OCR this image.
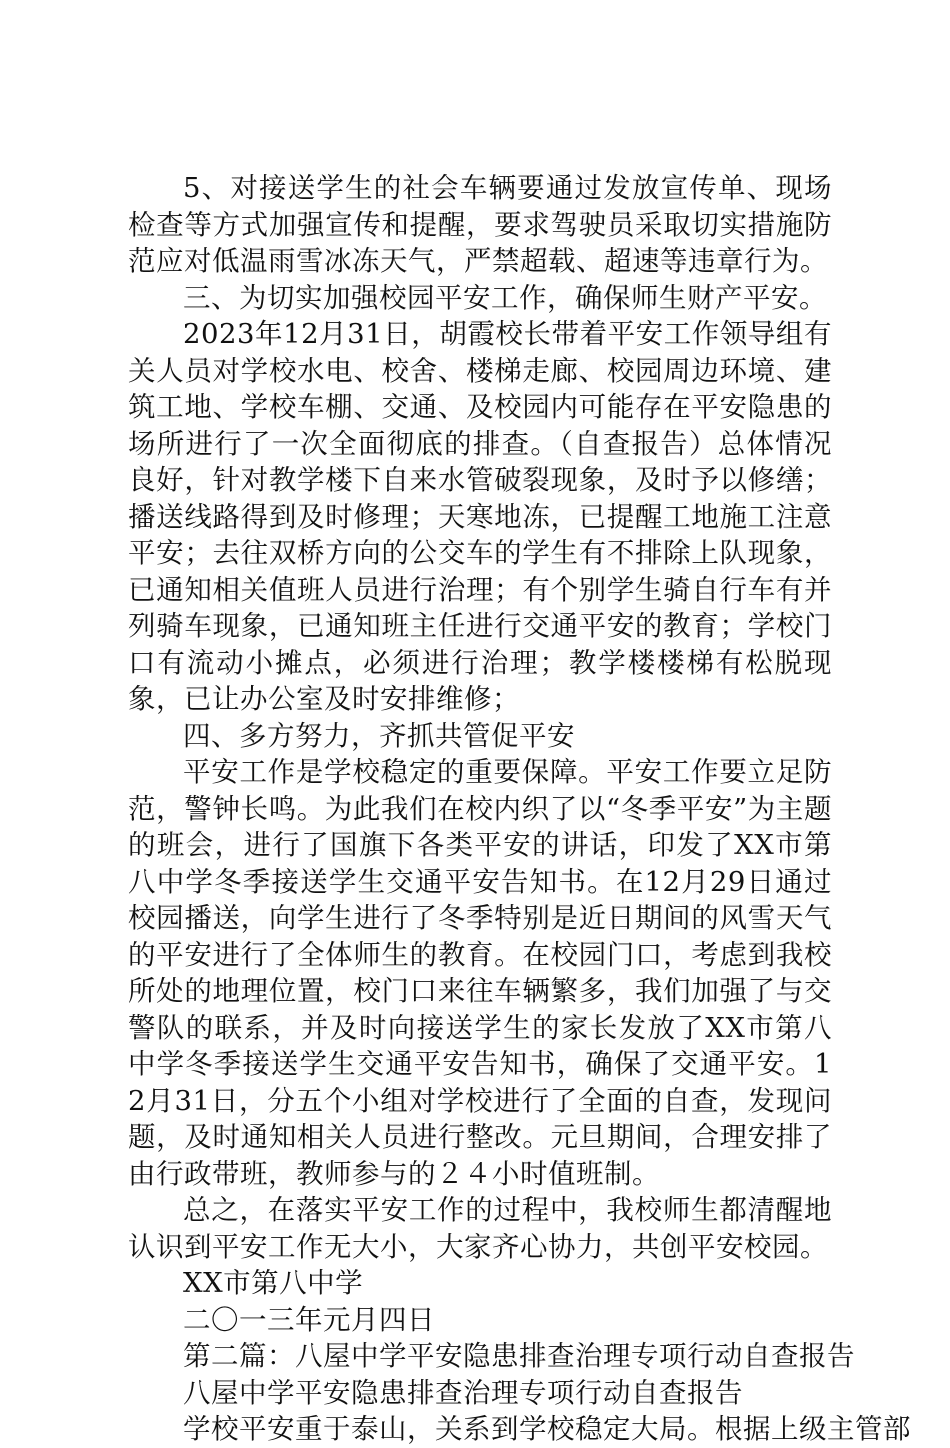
5、对接送学生的社会车辆要通过发放宣传单、现场检查等方式加强宣传和提醒，要求驾驶员采取切实措施防范应对低温雨雪冰冻天气，严禁超载、超速等违章行为。

三、为切实加强校园平安工作，确保师生财产平安。

2023年12月31日，胡霞校长带着平安工作领导组有关人员对学校水电、校舍、楼梯走廊、校园周边环境、建筑工地、学校车棚、交通、及校园内可能存在平安隐患的场所进行了一次全面彻底的排查。（自查报告）总体情况良好，针对教学楼下自来水管破裂现象，及时予以修缮；播送线路得到及时修理；天寒地冻，已提醒工地施工注意平安；去往双桥方向的公交车的学生有不排除上队现象，已通知相关值班人员进行治理；有个别学生骑自行车有并列骑车现象，已通知班主任进行交通平安的教育；学校门口有流动小摊点，必须进行治理；教学楼楼梯有松脱现象，已让办公室及时安排维修；

四、多方努力，齐抓共管促平安

平安工作是学校稳定的重要保障。平安工作要立足防范，警钟长鸣。为此我们在校内织了以“冬季平安”为主题的班会，进行了国旗下各类平安的讲话，印发了XX市第八中学冬季接送学生交通平安告知书。在12月29日通过校园播送，向学生进行了冬季特别是近日期间的风雪天气的平安进行了全体师生的教育。在校园门口，考虑到我校所处的地理位置，校门口来往车辆繁多，我们加强了与交警队的联系，并及时向接送学生的家长发放了XX市第八中学冬季接送学生交通平安告知书，确保了交通平安。12月31日，分五个小组对学校进行了全面的自查，发现问题，及时通知相关人员进行整改。元旦期间，合理安排了由行政带班，教师参与的２４小时值班制。

总之，在落实平安工作的过程中，我校师生都清醒地认识到平安工作无大小，大家齐心协力，共创平安校园。

XX市第八中学

二〇一三年元月四日

第二篇：八屋中学平安隐患排查治理专项行动自查报告

八屋中学平安隐患排查治理专项行动自查报告

学校平安重于泰山，关系到学校稳定大局。根据上级主管部
